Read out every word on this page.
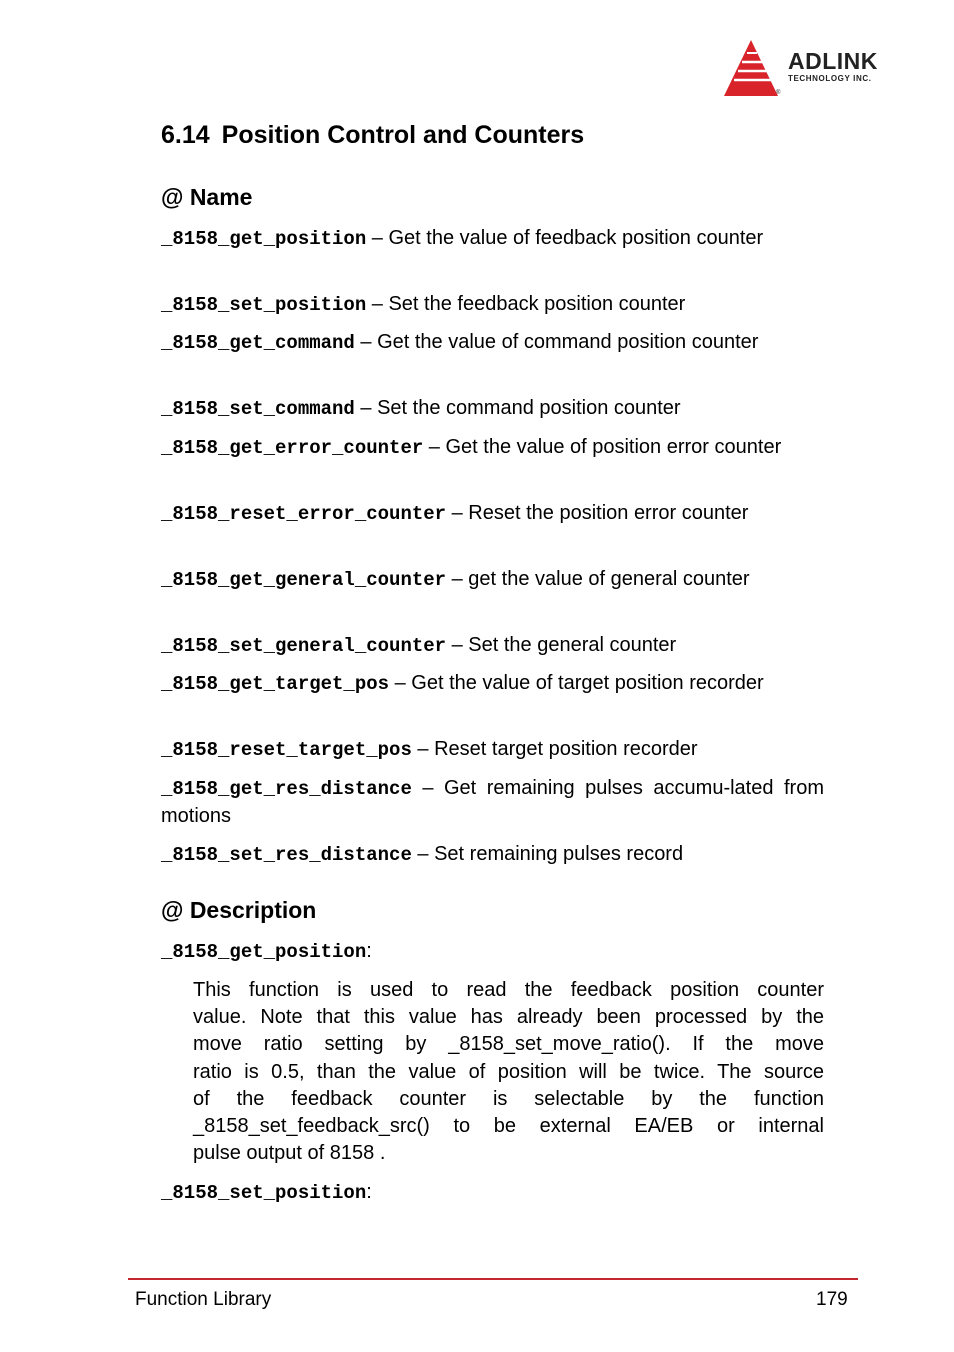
ADLINK
TECHNOLOGY INC.
®
6.14 Position Control and Counters
@ Name

_8158_get_position – Get the value of feedback position counter

_8158_set_position – Set the feedback position counter

_8158_get_command – Get the value of command position counter

_8158_set_command – Set the command position counter

_8158_get_error_counter – Get the value of position error counter

_8158_reset_error_counter – Reset the position error counter

_8158_get_general_counter – get the value of general counter

_8158_set_general_counter – Set the general counter

_8158_get_target_pos – Get the value of target position recorder

_8158_reset_target_pos – Reset target position recorder

_8158_get_res_distance – Get remaining pulses accumu-lated from motions

_8158_set_res_distance – Set remaining pulses record

@ Description

_8158_get_position:

This function is used to read the feedback position counter
value. Note that this value has already been processed by the
move ratio setting by _8158_set_move_ratio(). If the move
ratio is 0.5, than the value of position will be twice. The source
of the feedback counter is selectable by the function
_8158_set_feedback_src() to be external EA/EB or internal
pulse output of 8158 .

_8158_set_position:

Function Library	179
